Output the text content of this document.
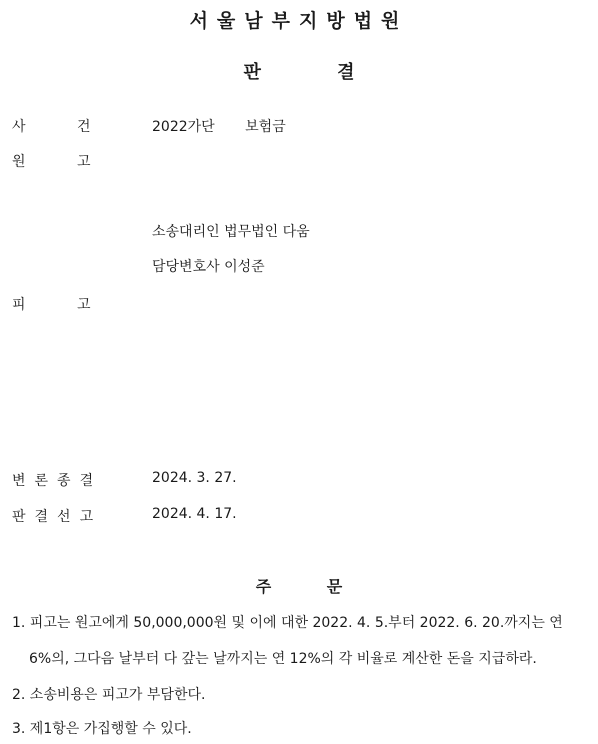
서울남부지방법원
판 결
사	건	2022가단 보험금
원	고
소송대리인 법무법인 다움
담당변호사 이성준
피	고
변론종결	2024. 3. 27.
판결선고	2024. 4. 17.
주 문
1. 피고는 원고에게 50,000,000원 및 이에 대한 2022. 4. 5.부터 2022. 6. 20.까지는 연
6%의, 그다음 날부터 다 갚는 날까지는 연 12%의 각 비율로 계산한 돈을 지급하라.
2. 소송비용은 피고가 부담한다.
3. 제1항은 가집행할 수 있다.
